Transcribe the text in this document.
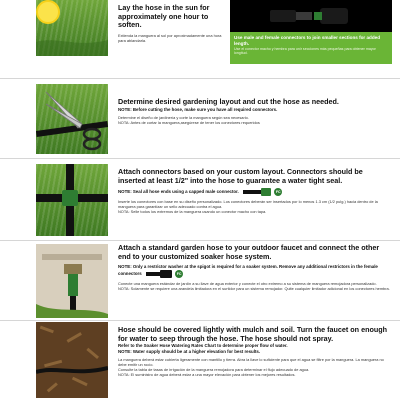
Lay the hose in the sun for approximately one hour to soften.
Extienda la manguera al sol por aproximadamente una hora para ablandarla.
Use male and female connectors to join smaller sections for added length.
Use el conector macho y hembra para unir secciones más pequeñas para obtener mayor longitud.
Determine desired gardening layout and cut the hose as needed.
NOTE: Before cutting the hose, make sure you have all required connectors.
Determine el diseño de jardinería y corte la manguera según sea necesario.
NOTA: Antes de cortar la manguera,asegúrese de tener los conectores requeridos
Attach connectors based on your custom layout. Connectors should be inserted at least 1/2" into the hose to guarantee a water tight seal.
NOTE: Seal all hose ends using a capped male connector.	FC
Inserte los conectores con base en su diseño personalizado. Los conectores deberán ser insertados por lo menos 1.3 cm (1/2 pulg.) hacia dentro de la manguera para garantizar un sello adecuado contra el agua.
NOTA: Selle todos los extremos de la manguera usando un conector macho con tapa.
Attach a standard garden hose to your outdoor faucet and connect the other end to your customized soaker hose system.
NOTE: Only a restrictor washer at the spigot is required for a soaker system. Remove any additional restrictors in the female connectors	FC
Conecte una manguera estándar de jardín a su llave de agua exterior y conecte el otro extremo a su sistema de manguera remojadora personalizado.
NOTA: Solamente se requiere una arandela limitadora en el surtidor para un sistema remojador. Quite cualquier limitador adicional en los conectores hembra.
Hose should be covered lightly with mulch and soil. Turn the faucet on enough for water to seep through the hose. The hose should not spray.
Refer to the Soaker Hose Watering Rates Chart to determine proper flow of water.
NOTE: Water supply should be at a higher elevation for best results.
La manguera deberá estar cubierta ligeramente con mantillo y tierra. Abra la llave lo suficiente para que el agua se filtre por la manguera. La manguera no debe emitir un rocío.
Consulte la tabla de tasas de irrigación de la manguera remojadora para determinar el flujo adecuado de agua.
NOTA: El suministro de agua deberá estar a una mayor elevación para obtener los mejores resultados.
